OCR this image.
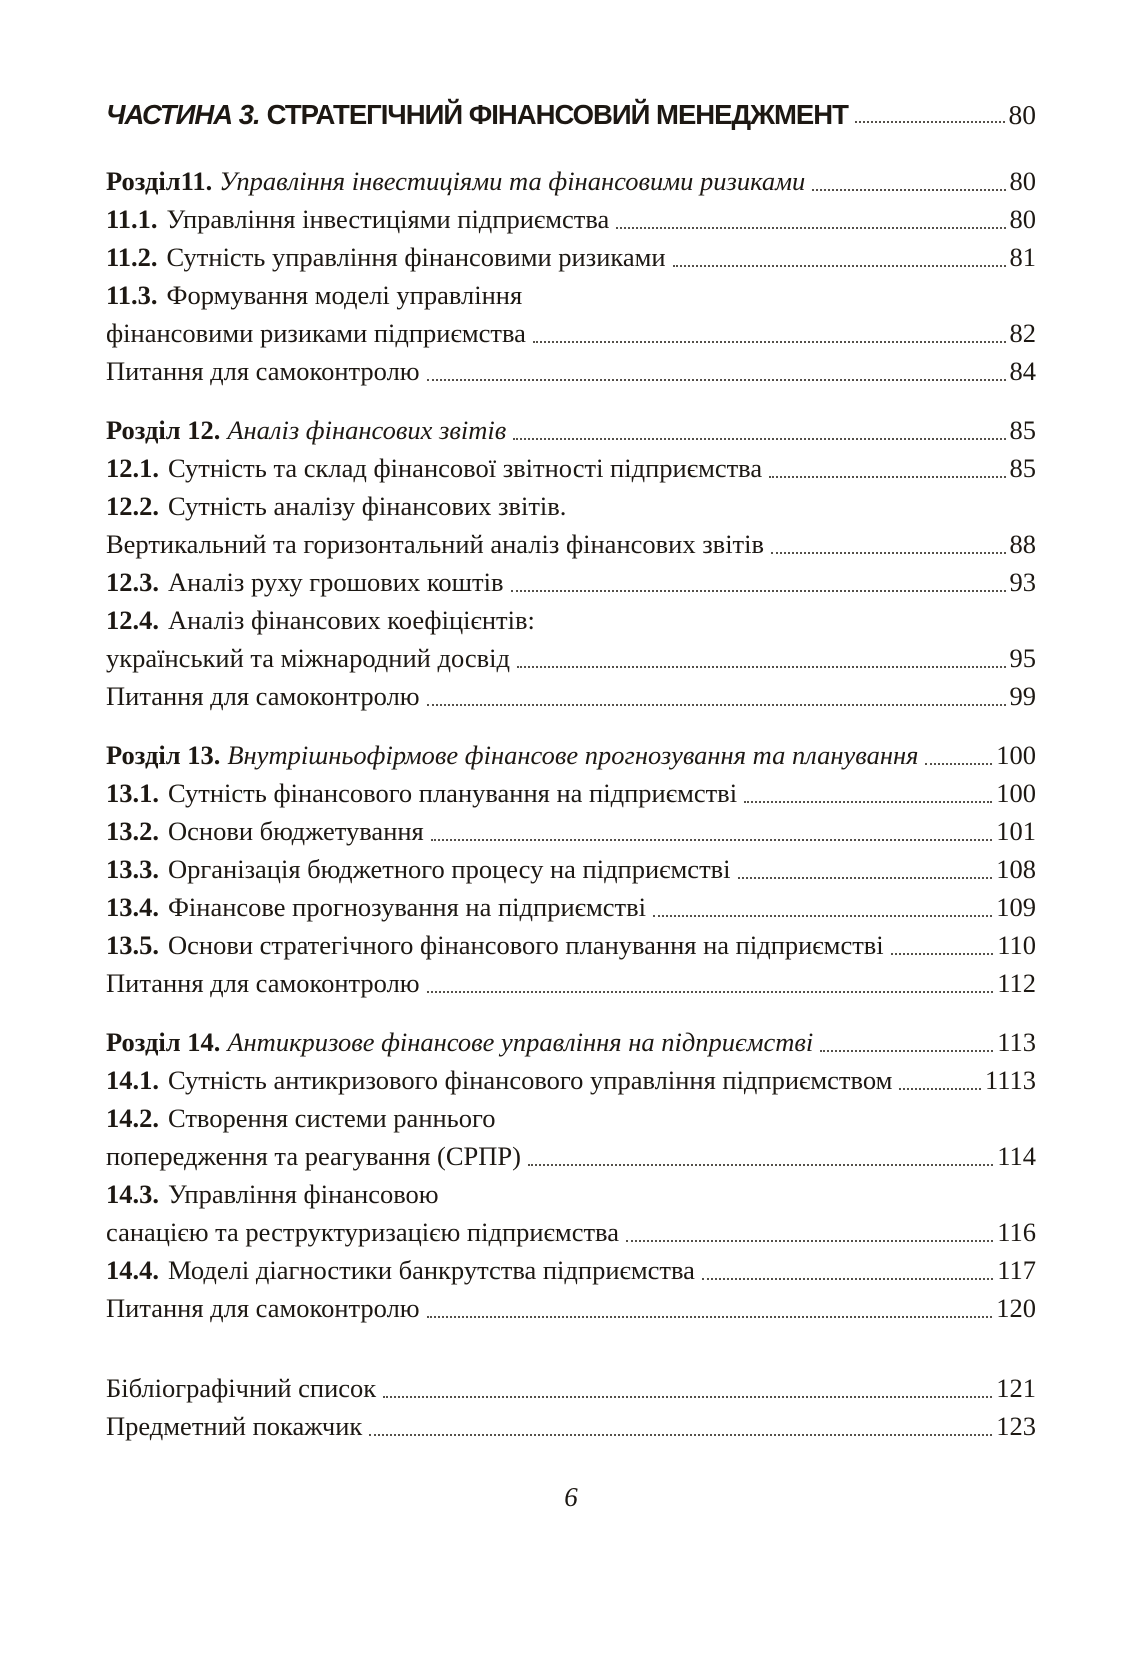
ЧАСТИНА 3. СТРАТЕГІЧНИЙ ФІНАНСОВИЙ МЕНЕДЖМЕНТ	80
Розділ11. Управління інвестиціями та фінансовими ризиками	80
11.1. Управління інвестиціями підприємства	80
11.2. Сутність управління фінансовими ризиками	81
11.3. Формування моделі управління
фінансовими ризиками підприємства	82
Питання для самоконтролю	84
Розділ 12. Аналіз фінансових звітів	85
12.1. Сутність та склад фінансової звітності підприємства	85
12.2. Сутність аналізу фінансових звітів.
Вертикальний та горизонтальний аналіз фінансових звітів	88
12.3. Аналіз руху грошових коштів	93
12.4. Аналіз фінансових коефіцієнтів:
український та міжнародний досвід	95
Питання для самоконтролю	99
Розділ 13. Внутрішньофірмове фінансове прогнозування та планування	100
13.1. Сутність фінансового планування на підприємстві	100
13.2. Основи бюджетування	101
13.3. Організація бюджетного процесу на підприємстві	108
13.4. Фінансове прогнозування на підприємстві	109
13.5. Основи стратегічного фінансового планування на підприємстві	110
Питання для самоконтролю	112
Розділ 14. Антикризове фінансове управління на підприємстві	113
14.1. Сутність антикризового фінансового управління підприємством	1113
14.2. Створення системи раннього
попередження та реагування (СРПР)	114
14.3. Управління фінансовою
санацією та реструктуризацією підприємства	116
14.4. Моделі діагностики банкрутства підприємства	117
Питання для самоконтролю	120
Бібліографічний список	121
Предметний покажчик	123
6
